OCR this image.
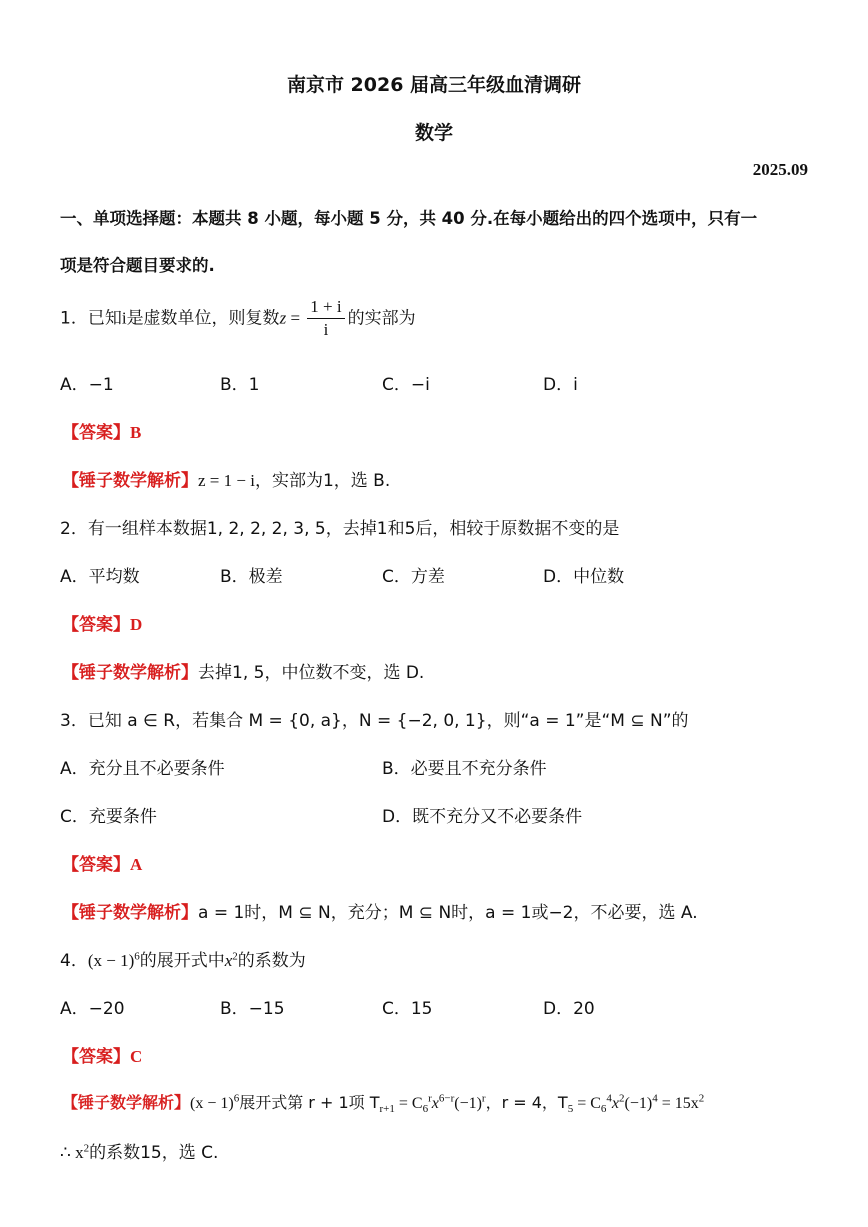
南京市 2026 届高三年级血清调研
数学
2025.09
一、单项选择题：本题共 8 小题，每小题 5 分，共 40 分.在每小题给出的四个选项中，只有一
项是符合题目要求的.
1．已知i是虚数单位，则复数$z = \frac{1 + i}{i}$ 的实部为
A．−1	B．1	C．−i	D．i
【答案】B
【锤子数学解析】z = 1 − i，实部为1，选 B.
2．有一组样本数据1, 2, 2, 2, 3, 5，去掉1和5后，相较于原数据不变的是
A．平均数	B．极差	C．方差	D．中位数
【答案】D
【锤子数学解析】去掉1, 5，中位数不变，选 D.
3．已知 a ∈ R，若集合 M = {0, a}，N = {−2, 0, 1}，则“a = 1”是“M ⊆ N”的
A．充分且不必要条件	B．必要且不充分条件
C．充要条件	D．既不充分又不必要条件
【答案】A
【锤子数学解析】a = 1时，M ⊆ N，充分；M ⊆ N时，a = 1或−2，不必要，选 A.
4．$(x - 1)^6$的展开式中$x^2$的系数为
A．−20	B．−15	C．15	D．20
【答案】C
【锤子数学解析】$(x - 1)^6$展开式第 r + 1项 $T_{r+1} = C_6^rx^{6-r}(-1)^r$，r = 4，$T_5 = C_6^4x^2(-1)^4 = 15x^2$
∴ $x^2$的系数15，选 C.
